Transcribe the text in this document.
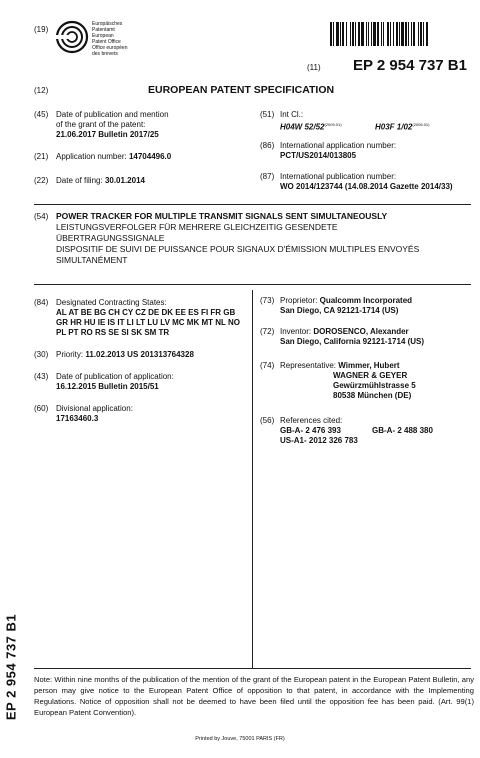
(19)
Europäisches
Patentamt
European
Patent Office
Office européen
des brevets
(11) EP 2 954 737 B1
(12)	EUROPEAN PATENT SPECIFICATION
(45) Date of publication and mention
of the grant of the patent:
21.06.2017 Bulletin 2017/25
(21) Application number: 14704496.0
(22) Date of filing: 30.01.2014
(51) Int Cl.:
H04W $52/52^{(2009.01)}$	H03F $1/02^{(2006.01)}$
(86) International application number:
PCT/US2014/013805
(87) International publication number:
WO 2014/123744 (14.08.2014 Gazette 2014/33)
(54) POWER TRACKER FOR MULTIPLE TRANSMIT SIGNALS SENT SIMULTANEOUSLY
LEISTUNGSVERFOLGER FÜR MEHRERE GLEICHZEITIG GESENDETE
ÜBERTRAGUNGSSIGNALE
DISPOSITIF DE SUIVI DE PUISSANCE POUR SIGNAUX D'ÉMISSION MULTIPLES ENVOYÉS
SIMULTANÉMENT
(84) Designated Contracting States:
AL AT BE BG CH CY CZ DE DK EE ES FI FR GB
GR HR HU IE IS IT LI LT LU LV MC MK MT NL NO
PL PT RO RS SE SI SK SM TR
(30) Priority: 11.02.2013 US 201313764328
(43) Date of publication of application:
16.12.2015 Bulletin 2015/51
(60) Divisional application:
17163460.3
(73) Proprietor: Qualcomm Incorporated
San Diego, CA 92121-1714 (US)
(72) Inventor: DOROSENCO, Alexander
San Diego, California 92121-1714 (US)
(74) Representative: Wimmer, Hubert
WAGNER & GEYER
Gewürzmühlstrasse 5
80538 München (DE)
(56) References cited:
GB-A- 2 476 393	GB-A- 2 488 380
US-A1- 2012 326 783
EP 2 954 737 B1 Note: Within nine months of the publication of the mention of the grant of the European patent in the European Patent Bulletin, any person may give notice to the European Patent Office of opposition to that patent, in accordance with the Implementing Regulations. Notice of opposition shall not be deemed to have been filed until the opposition fee has been paid. (Art. 99(1) European Patent Convention).
Printed by Jouve, 75001 PARIS (FR)
